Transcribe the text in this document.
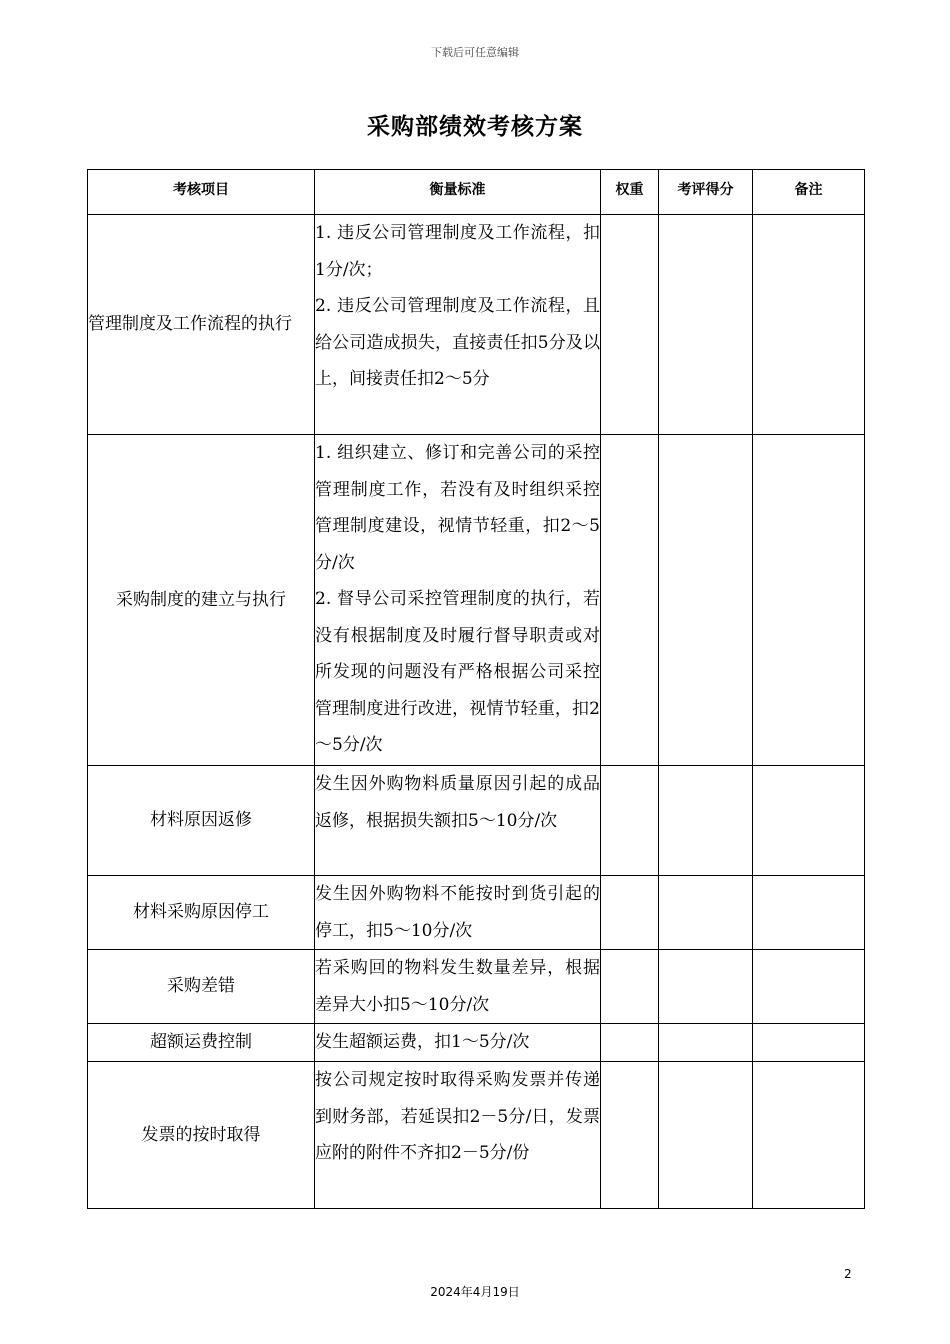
下载后可任意编辑
采购部绩效考核方案
考核项目	衡量标准	权重	考评得分	备注
管理制度及工作流程的执行	1. 违反公司管理制度及工作流程，扣1分/次；
2. 违反公司管理制度及工作流程，且给公司造成损失，直接责任扣5分及以上，间接责任扣2～5分			

采购制度的建立与执行	1. 组织建立、修订和完善公司的采控管理制度工作，若没有及时组织采控管理制度建设，视情节轻重，扣2～5分/次
2. 督导公司采控管理制度的执行，若没有根据制度及时履行督导职责或对所发现的问题没有严格根据公司采控管理制度进行改进，视情节轻重，扣2～5分/次			

材料原因返修	发生因外购物料质量原因引起的成品返修，根据损失额扣5～10分/次			

材料采购原因停工	发生因外购物料不能按时到货引起的停工，扣5～10分/次			

采购差错	若采购回的物料发生数量差异，根据差异大小扣5～10分/次			

超额运费控制	发生超额运费，扣1～5分/次			

发票的按时取得	按公司规定按时取得采购发票并传递到财务部，若延误扣2－5分/日，发票应附的附件不齐扣2－5分/份			

2
2024年4月19日
